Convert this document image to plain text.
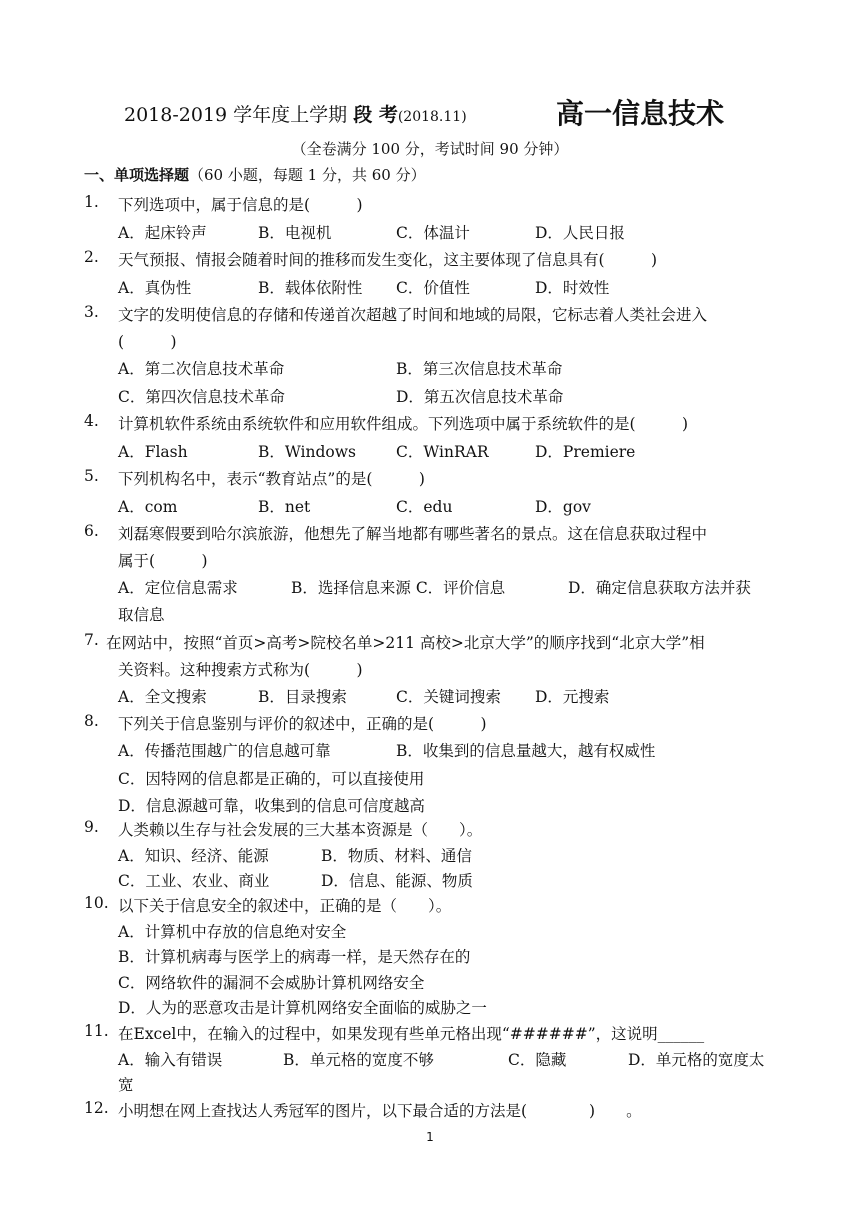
2018-2019 学年度上学期 段 考(2018.11)	高一信息技术
（全卷满分 100 分，考试时间 90 分钟）
一、单项选择题（60 小题，每题 1 分，共 60 分）
1. 下列选项中，属于信息的是(　　　)
A．起床铃声	B．电视机	C．体温计	D．人民日报
2. 天气预报、情报会随着时间的推移而发生变化，这主要体现了信息具有(　　　)
A．真伪性	B．载体依附性 C．价值性	D．时效性
3. 文字的发明使信息的存储和传递首次超越了时间和地域的局限，它标志着人类社会进入
(　　　)
A．第二次信息技术革命	B．第三次信息技术革命
C．第四次信息技术革命	D．第五次信息技术革命
4. 计算机软件系统由系统软件和应用软件组成。下列选项中属于系统软件的是(　　　)
A．Flash	B．Windows	C．WinRAR	D．Premiere
5. 下列机构名中，表示“教育站点”的是(　　　)
A．com	B．net	C．edu	D．gov
6. 刘磊寒假要到哈尔滨旅游，他想先了解当地都有哪些著名的景点。这在信息获取过程中
属于(　　　)
A．定位信息需求	B．选择信息来源 C．评价信息	D．确定信息获取方法并获
取信息
7. 在网站中，按照“首页>高考>院校名单>211 高校>北京大学”的顺序找到“北京大学”相
关资料。这种搜索方式称为(　　　)
A．全文搜索	B．目录搜索	C．关键词搜索 D．元搜索
8. 下列关于信息鉴别与评价的叙述中，正确的是(　　　)
A．传播范围越广的信息越可靠	B．收集到的信息量越大，越有权威性
C．因特网的信息都是正确的，可以直接使用
D．信息源越可靠，收集到的信息可信度越高
9. 人类赖以生存与社会发展的三大基本资源是（　　）。
A．知识、经济、能源	B．物质、材料、通信
C．工业、农业、商业	D．信息、能源、物质
10. 以下关于信息安全的叙述中，正确的是（　　）。
A．计算机中存放的信息绝对安全
B．计算机病毒与医学上的病毒一样，是天然存在的
C．网络软件的漏洞不会威胁计算机网络安全
D．人为的恶意攻击是计算机网络安全面临的威胁之一
11. 在Excel中，在输入的过程中，如果发现有些单元格出现“######”，这说明______
A．输入有错误	B．单元格的宽度不够	C．隐藏	D．单元格的宽度太
宽
12. 小明想在网上查找达人秀冠军的图片，以下最合适的方法是(　　　　)　　。
1
